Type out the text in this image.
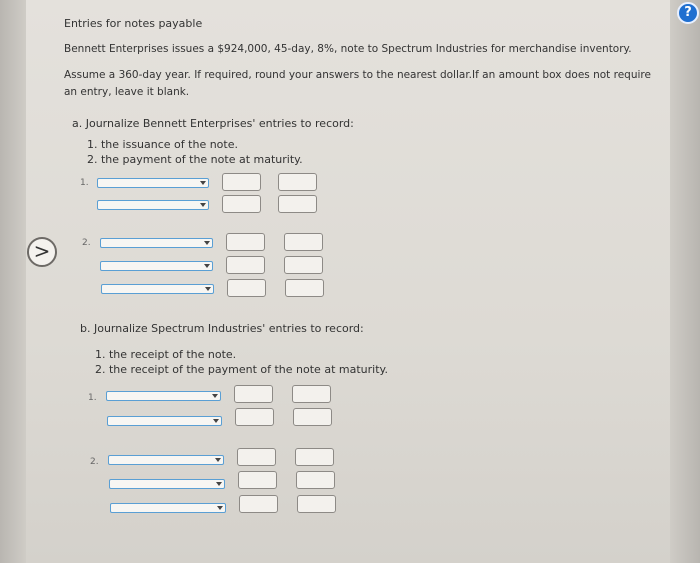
?
>
Entries for notes payable
Bennett Enterprises issues a $924,000, 45-day, 8%, note to Spectrum Industries for merchandise inventory.
Assume a 360-day year. If required, round your answers to the nearest dollar.If an amount box does not require
an entry, leave it blank.
a. Journalize Bennett Enterprises' entries to record:
1. the issuance of the note.
2. the payment of the note at maturity.
1.
2.
b. Journalize Spectrum Industries' entries to record:
1. the receipt of the note.
2. the receipt of the payment of the note at maturity.
1.
2.
